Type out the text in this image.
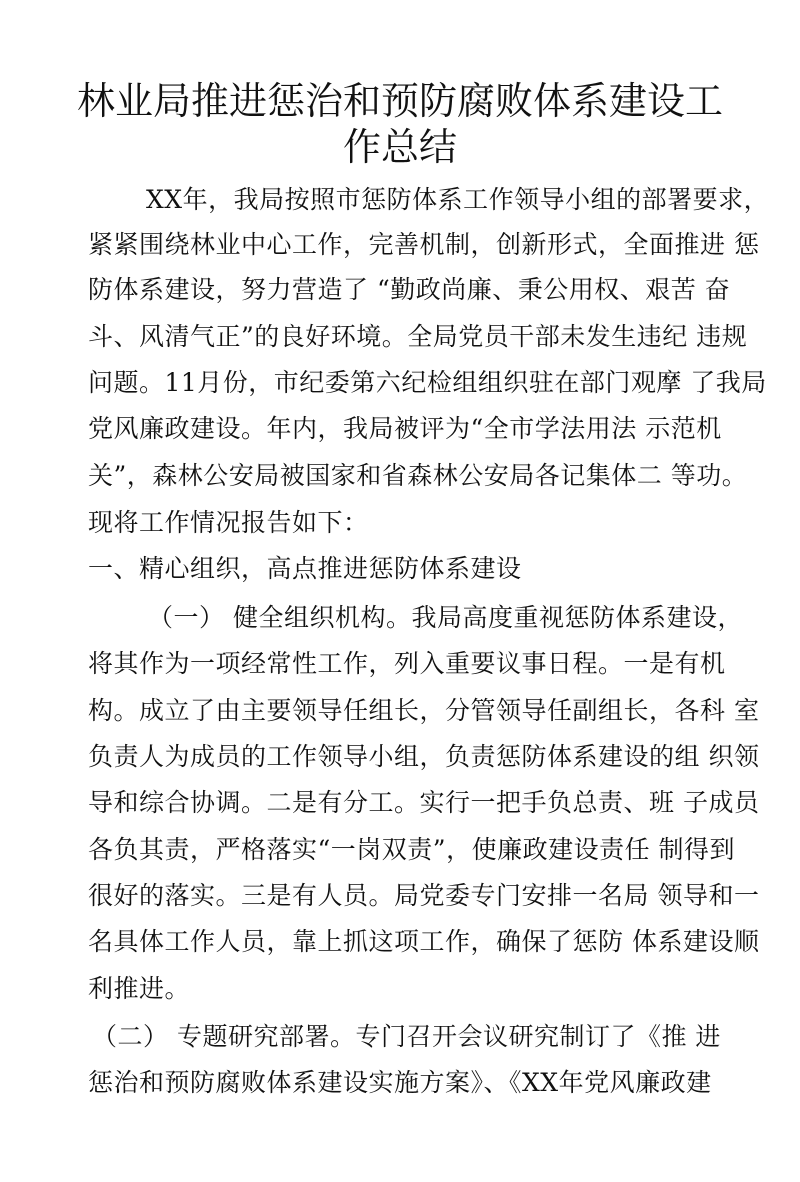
林业局推进惩治和预防腐败体系建设工
作总结
XX年，我局按照市惩防体系工作领导小组的部署要求，
紧紧围绕林业中心工作，完善机制，创新形式，全面推进 惩
防体系建设，努力营造了 “勤政尚廉、秉公用权、艰苦 奋
斗、风清气正”的良好环境。全局党员干部未发生违纪 违规
问题。11月份，市纪委第六纪检组组织驻在部门观摩 了我局
党风廉政建设。年内，我局被评为“全市学法用法 示范机
关”，森林公安局被国家和省森林公安局各记集体二 等功。
现将工作情况报告如下：
一、精心组织，高点推进惩防体系建设
（一） 健全组织机构。我局高度重视惩防体系建设，
将其作为一项经常性工作，列入重要议事日程。一是有机
构。成立了由主要领导任组长，分管领导任副组长，各科 室
负责人为成员的工作领导小组，负责惩防体系建设的组 织领
导和综合协调。二是有分工。实行一把手负总责、班 子成员
各负其责，严格落实“一岗双责”，使廉政建设责任 制得到
很好的落实。三是有人员。局党委专门安排一名局 领导和一
名具体工作人员，靠上抓这项工作，确保了惩防 体系建设顺
利推进。
（二） 专题研究部署。专门召开会议研究制订了《推 进
惩治和预防腐败体系建设实施方案》、《XX年党风廉政建
